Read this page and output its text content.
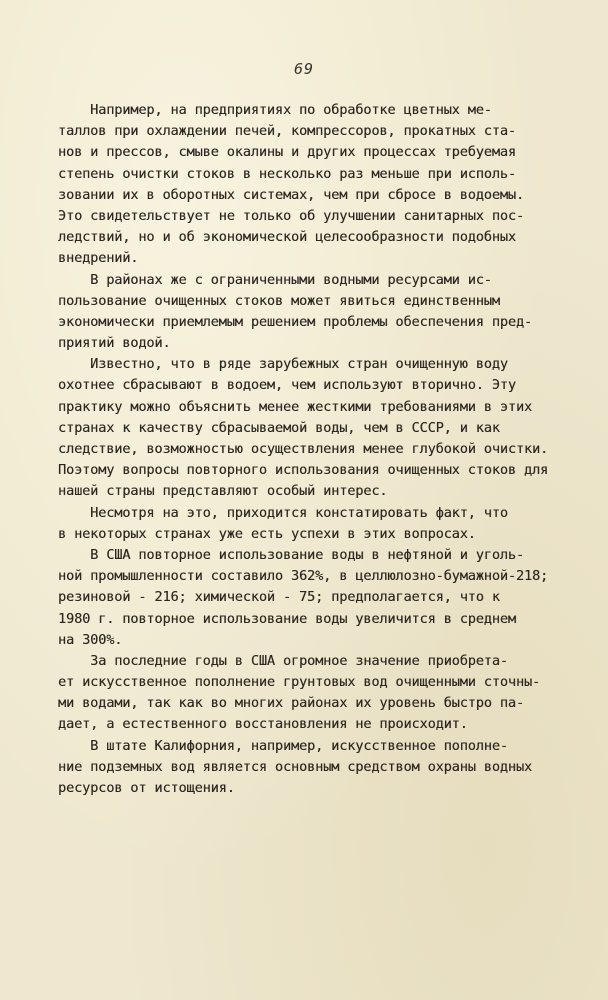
69
Например, на предприятиях по обработке цветных ме-
таллов при охлаждении печей, компрессоров, прокатных ста-
нов и прессов, смыве окалины и других процессах требуемая
степень очистки стоков в несколько раз меньше при исполь-
зовании их в оборотных системах, чем при сбросе в водоемы.
Это свидетельствует не только об улучшении санитарных пос-
ледствий, но и об экономической целесообразности подобных
внедрений.
В районах же с ограниченными водными ресурсами ис-
пользование очищенных стоков может явиться единственным
экономически приемлемым решением проблемы обеспечения пред-
приятий водой.
Известно, что в ряде зарубежных стран очищенную воду
охотнее сбрасывают в водоем, чем используют вторично. Эту
практику можно объяснить менее жесткими требованиями в этих
странах к качеству сбрасываемой воды, чем в СССР, и как
следствие, возможностью осуществления менее глубокой очистки.
Поэтому вопросы повторного использования очищенных стоков для
нашей страны представляют особый интерес.
Несмотря на это, приходится констатировать факт, что
в некоторых странах уже есть успехи в этих вопросах.
В США повторное использование воды в нефтяной и уголь-
ной промышленности составило 362%, в целлюлозно-бумажной-218;
резиновой - 216; химической - 75; предполагается, что к
1980 г. повторное использование воды увеличится в среднем
на 300%.
За последние годы в США огромное значение приобрета-
ет искусственное пополнение грунтовых вод очищенными сточны-
ми водами, так как во многих районах их уровень быстро па-
дает, а естественного восстановления не происходит.
В штате Калифорния, например, искусственное пополне-
ние подземных вод является основным средством охраны водных
ресурсов от истощения.
